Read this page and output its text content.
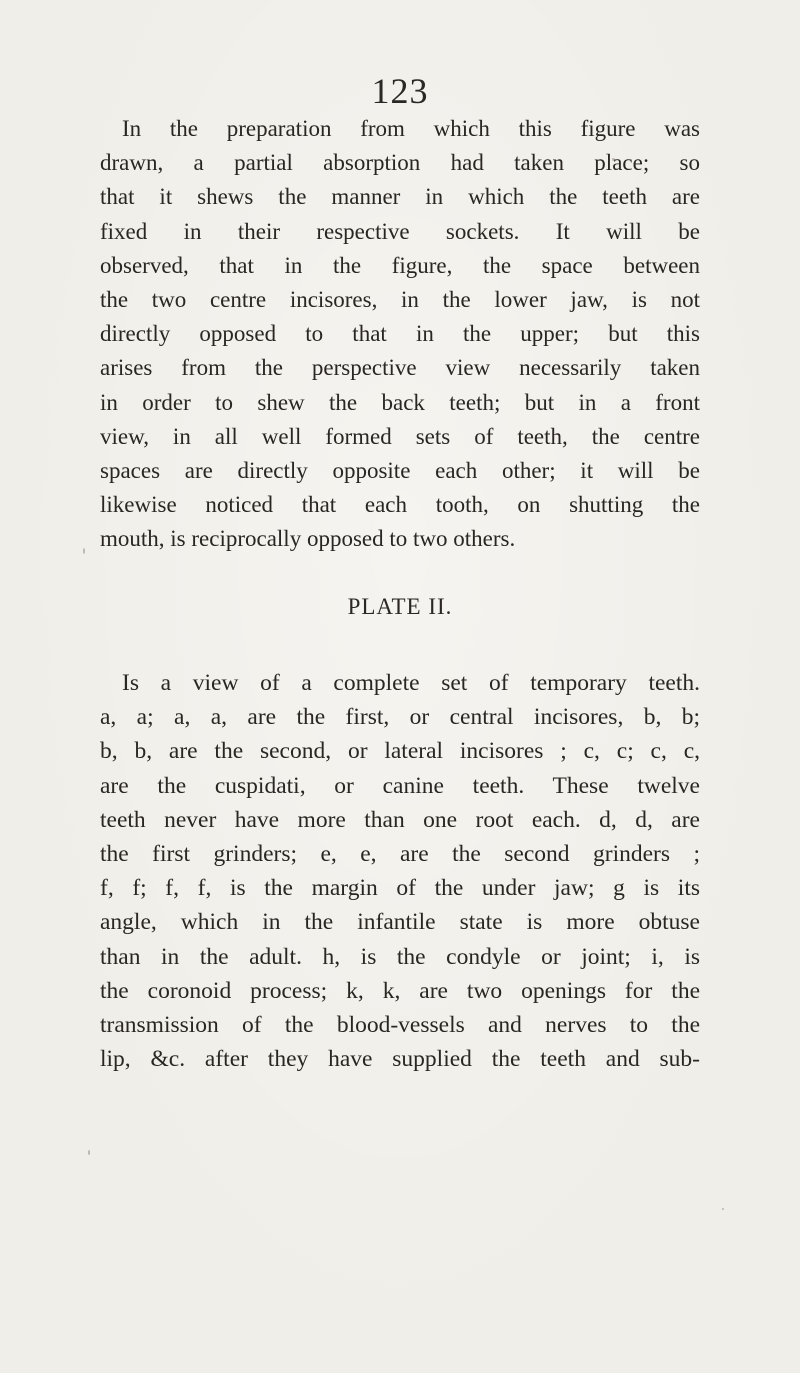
123
In the preparation from which this figure was
drawn, a partial absorption had taken place; so
that it shews the manner in which the teeth are
fixed in their respective sockets. It will be
observed, that in the figure, the space between
the two centre incisores, in the lower jaw, is not
directly opposed to that in the upper; but this
arises from the perspective view necessarily taken
in order to shew the back teeth; but in a front
view, in all well formed sets of teeth, the centre
spaces are directly opposite each other; it will be
likewise noticed that each tooth, on shutting the
mouth, is reciprocally opposed to two others.
PLATE II.
Is a view of a complete set of temporary teeth.
a, a; a, a, are the first, or central incisores, b, b;
b, b, are the second, or lateral incisores ; c, c; c, c,
are the cuspidati, or canine teeth. These twelve
teeth never have more than one root each. d, d, are
the first grinders; e, e, are the second grinders ;
f, f; f, f, is the margin of the under jaw; g is its
angle, which in the infantile state is more obtuse
than in the adult. h, is the condyle or joint; i, is
the coronoid process; k, k, are two openings for the
transmission of the blood-vessels and nerves to the
lip, &c. after they have supplied the teeth and sub-
